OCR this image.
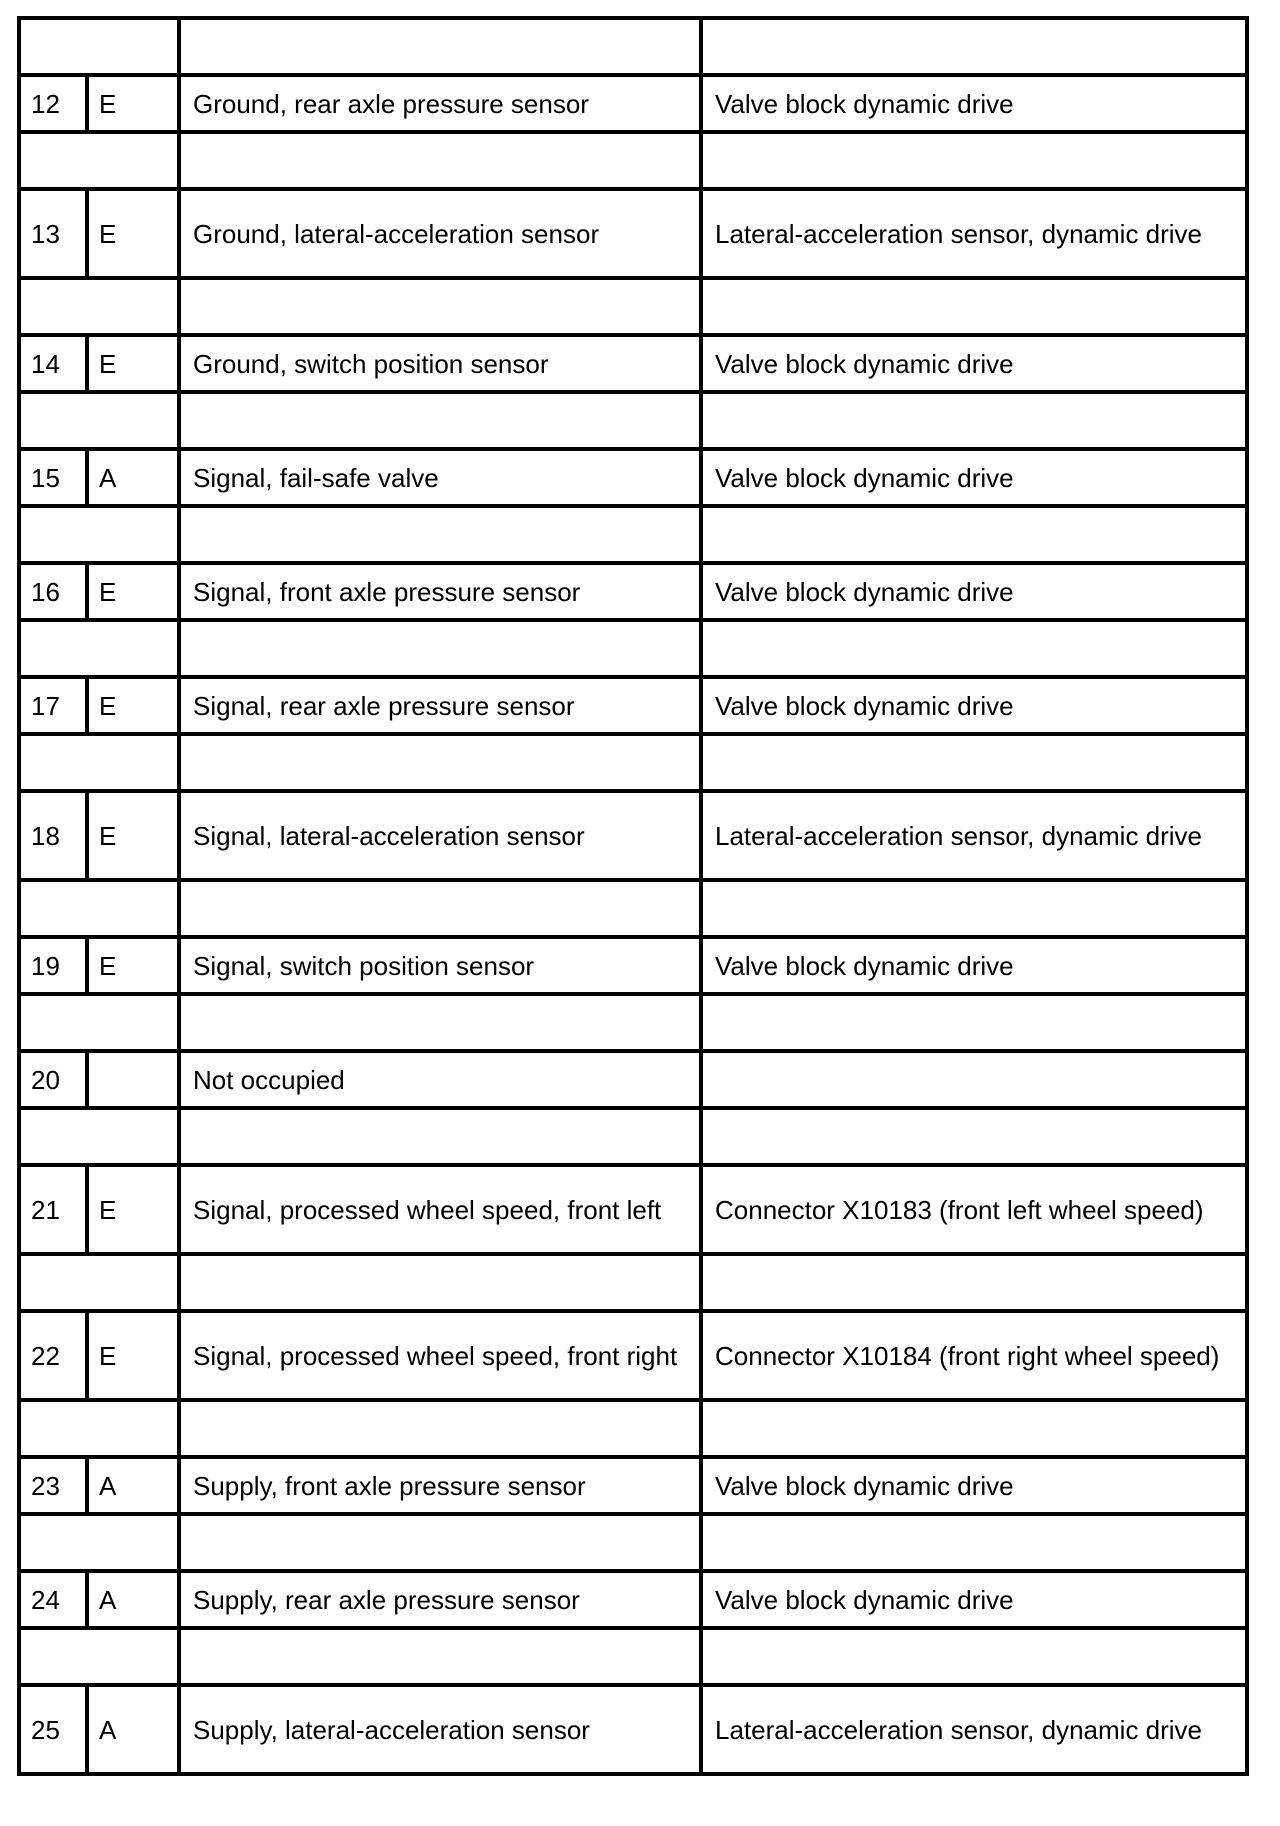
12	E	Ground, rear axle pressure sensor	Valve block dynamic drive

13	E	Ground, lateral-acceleration sensor	Lateral-acceleration sensor, dynamic drive

14	E	Ground, switch position sensor	Valve block dynamic drive

15	A	Signal, fail-safe valve	Valve block dynamic drive

16	E	Signal, front axle pressure sensor	Valve block dynamic drive

17	E	Signal, rear axle pressure sensor	Valve block dynamic drive

18	E	Signal, lateral-acceleration sensor	Lateral-acceleration sensor, dynamic drive

19	E	Signal, switch position sensor	Valve block dynamic drive

20		Not occupied	

21	E	Signal, processed wheel speed, front left	Connector X10183 (front left wheel speed)

22	E	Signal, processed wheel speed, front right	Connector X10184 (front right wheel speed)

23	A	Supply, front axle pressure sensor	Valve block dynamic drive

24	A	Supply, rear axle pressure sensor	Valve block dynamic drive

25	A	Supply, lateral-acceleration sensor	Lateral-acceleration sensor, dynamic drive
